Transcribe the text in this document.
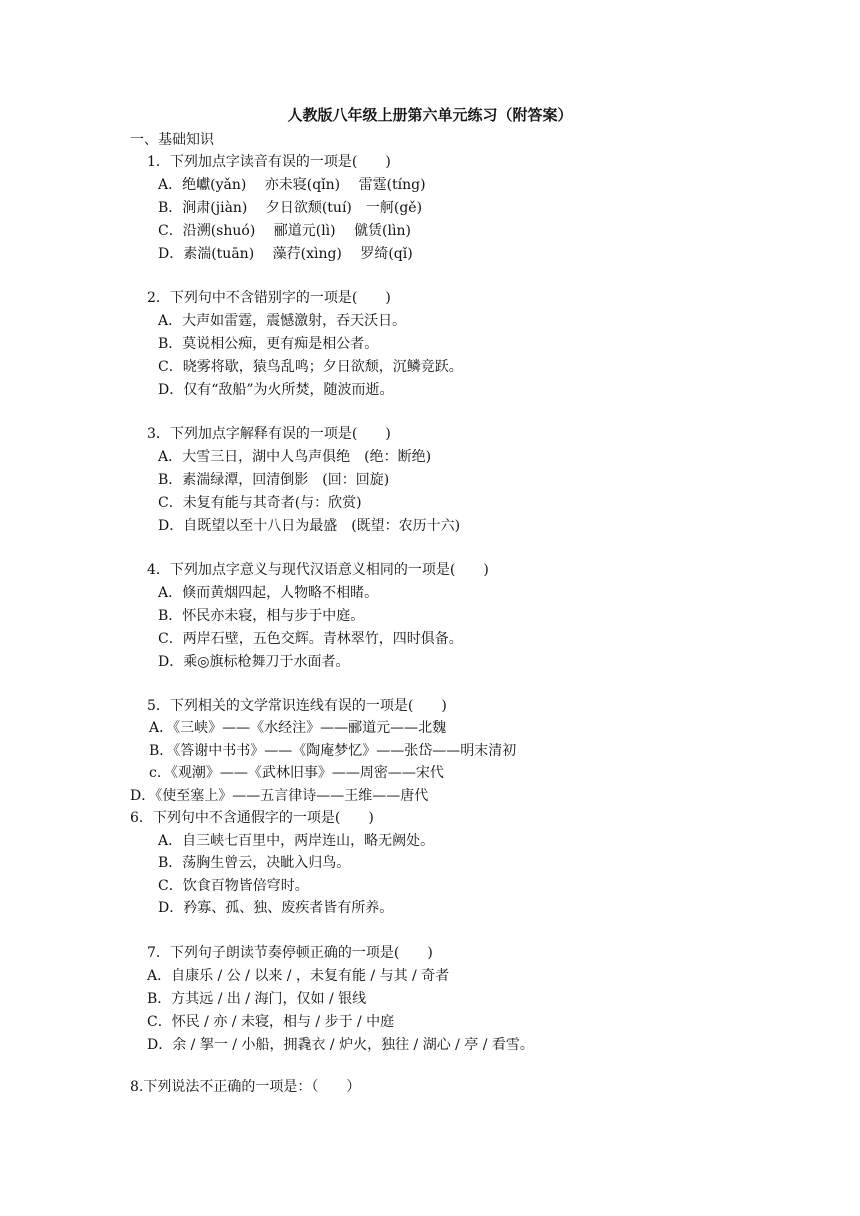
人教版八年级上册第六单元练习（附答案）
一、基础知识
1．下列加点字读音有误的一项是(　　)
A．绝巘(yǎn)　 亦未寝(qǐn)　 雷霆(tíng)
B．涧肃(jiàn)　 夕日欲颓(tuí)　一舸(gě)
C．沿溯(shuó)　 郦道元(lì)　 僦赁(lìn)
D．素湍(tuān)　 藻荇(xìng)　 罗绮(qǐ)
2．下列句中不含错别字的一项是(　　)
A．大声如雷霆，震憾激射，吞天沃日。
B．莫说相公痴，更有痴是相公者。
C．晓雾将歇，猿鸟乱鸣；夕日欲颓，沉鳞竞跃。
D．仅有“敌船”为火所焚，随波而逝。
3．下列加点字解释有误的一项是(　　)
A．大雪三日，湖中人鸟声俱绝　(绝：断绝)
B．素湍绿潭，回清倒影　(回：回旋)
C．未复有能与其奇者(与：欣赏)
D．自既望以至十八日为最盛　(既望：农历十六)
4．下列加点字意义与现代汉语意义相同的一项是(　　)
A．倏而黄烟四起，人物略不相睹。
B．怀民亦未寝，相与步于中庭。
C．两岸石壁，五色交辉。青林翠竹，四时俱备。
D．乘◎旗标枪舞刀于水面者。
5．下列相关的文学常识连线有误的一项是(　　)
A．《三峡》——《水经注》——郦道元——北魏
B．《答谢中书书》——《陶庵梦忆》——张岱——明末清初
c．《观潮》——《武林旧事》——周密——宋代
D．《使至塞上》——五言律诗——王维——唐代
6．下列句中不含通假字的一项是(　　)
A．自三峡七百里中，两岸连山，略无阙处。
B．荡胸生曾云，决眦入归鸟。
C．饮食百物皆倍穹时。
D．矜寡、孤、独、废疾者皆有所养。
7．下列句子朗读节奏停顿正确的一项是(　　)
A．自康乐 / 公 / 以来 / ，未复有能 / 与其 / 奇者
B．方其远 / 出 / 海门，仅如 / 银线
C．怀民 / 亦 / 未寝，相与 / 步于 / 中庭
D．余 / 挐一 / 小船，拥毳衣 / 炉火，独往 / 湖心 / 亭 / 看雪。
8.下列说法不正确的一项是：（　　）
